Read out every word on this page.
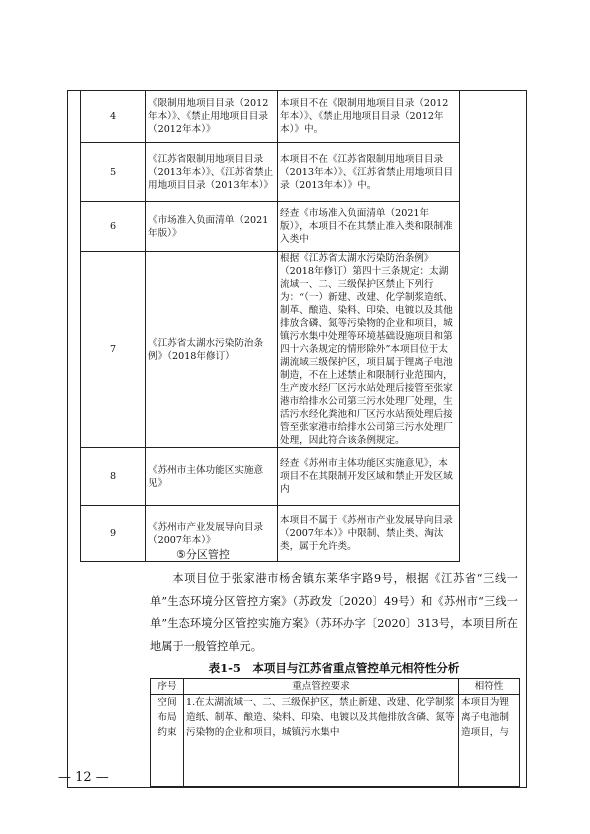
4	《限制用地项目目录（2012年本）》、《禁止用地项目目录（2012年本）》	本项目不在《限制用地项目目录（2012年本）》、《禁止用地项目目录（2012年本）》中。
5	《江苏省限制用地项目目录（2013年本）》、《江苏省禁止用地项目目录（2013年本）》	本项目不在《江苏省限制用地项目目录（2013年本）》、《江苏省禁止用地项目目录（2013年本）》中。
6	《市场准入负面清单（2021年版）》	经查《市场准入负面清单（2021年版）》，本项目不在其禁止准入类和限制准入类中
7	《江苏省太湖水污染防治条例》（2018年修订）	根据《江苏省太湖水污染防治条例》（2018年修订）第四十三条规定：太湖流域一、二、三级保护区禁止下列行为：“（一）新建、改建、化学制浆造纸、制革、酿造、染料、印染、电镀以及其他排放含磷、氮等污染物的企业和项目，城镇污水集中处理等环境基础设施项目和第四十六条规定的情形除外”本项目位于太湖流域三级保护区，项目属于锂离子电池制造，不在上述禁止和限制行业范围内，生产废水经厂区污水站处理后接管至张家港市给排水公司第三污水处理厂处理，生活污水经化粪池和厂区污水站预处理后接管至张家港市给排水公司第三污水处理厂处理，因此符合该条例规定。
8	《苏州市主体功能区实施意见》	经查《苏州市主体功能区实施意见》，本项目不在其限制开发区域和禁止开发区域内
9	《苏州市产业发展导向目录（2007年本）》	本项目不属于《苏州市产业发展导向目录（2007年本）》中限制、禁止类、淘汰类，属于允许类。
⑤分区管控

本项目位于张家港市杨舍镇东莱华宇路9号，根据《江苏省“三线一单”生态环境分区管控方案》（苏政发〔2020〕49号）和《苏州市“三线一单”生态环境分区管控实施方案》（苏环办字〔2020〕313号，本项目所在地属于一般管控单元。

表1-5　本项目与江苏省重点管控单元相符性分析
序号	重点管控要求	相符性
空间布局约束	1.在太湖流域一、二、三级保护区，禁止新建、改建、化学制浆造纸、制革、酿造、染料、印染、电镀以及其他排放含磷、氮等污染物的企业和项目，城镇污水集中	本项目为锂离子电池制造项目，与
— 12 —
